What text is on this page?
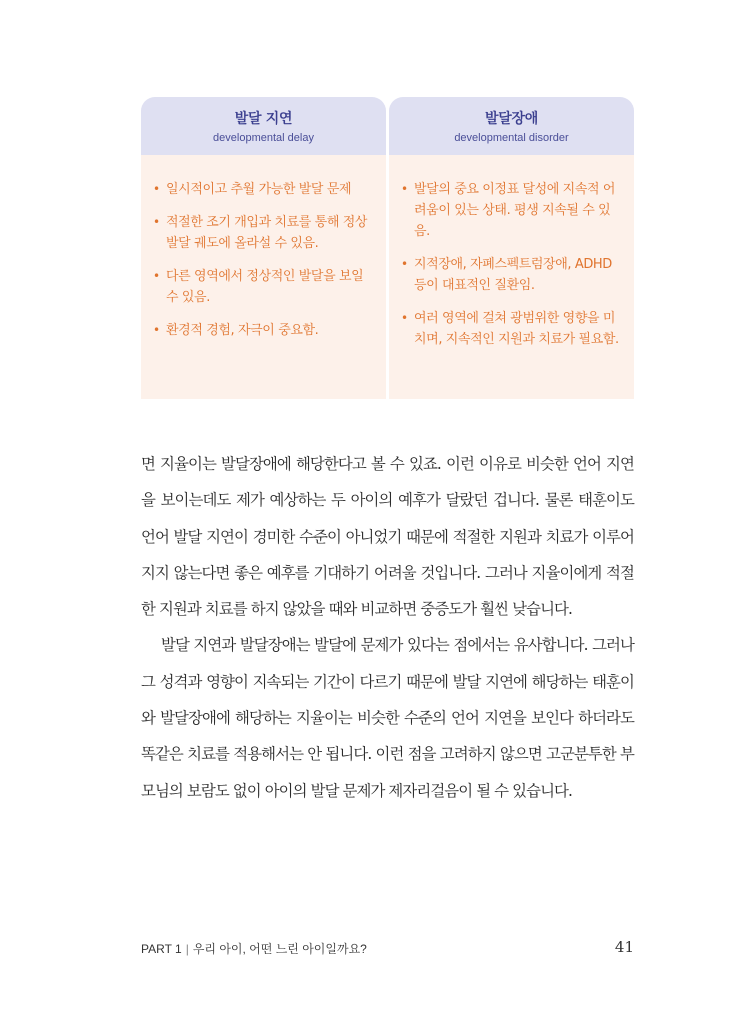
발달 지연
developmental delay
• 일시적이고 추월 가능한 발달 문제
• 적절한 조기 개입과 치료를 통해 정상 발달 궤도에 올라설 수 있음.
• 다른 영역에서 정상적인 발달을 보일 수 있음.
• 환경적 경험, 자극이 중요함.
발달장애
developmental disorder
• 발달의 중요 이정표 달성에 지속적 어려움이 있는 상태. 평생 지속될 수 있음.
• 지적장애, 자폐스펙트럼장애, ADHD 등이 대표적인 질환임.
• 여러 영역에 걸쳐 광범위한 영향을 미치며, 지속적인 지원과 치료가 필요함.

면 지율이는 발달장애에 해당한다고 볼 수 있죠. 이런 이유로 비슷한 언어 지연을 보이는데도 제가 예상하는 두 아이의 예후가 달랐던 겁니다. 물론 태훈이도 언어 발달 지연이 경미한 수준이 아니었기 때문에 적절한 지원과 치료가 이루어지지 않는다면 좋은 예후를 기대하기 어려울 것입니다. 그러나 지율이에게 적절한 지원과 치료를 하지 않았을 때와 비교하면 중증도가 훨씬 낮습니다.

발달 지연과 발달장애는 발달에 문제가 있다는 점에서는 유사합니다. 그러나 그 성격과 영향이 지속되는 기간이 다르기 때문에 발달 지연에 해당하는 태훈이와 발달장애에 해당하는 지율이는 비슷한 수준의 언어 지연을 보인다 하더라도 똑같은 치료를 적용해서는 안 됩니다. 이런 점을 고려하지 않으면 고군분투한 부모님의 보람도 없이 아이의 발달 문제가 제자리걸음이 될 수 있습니다.

PART 1 | 우리 아이, 어떤 느린 아이일까요?	41
